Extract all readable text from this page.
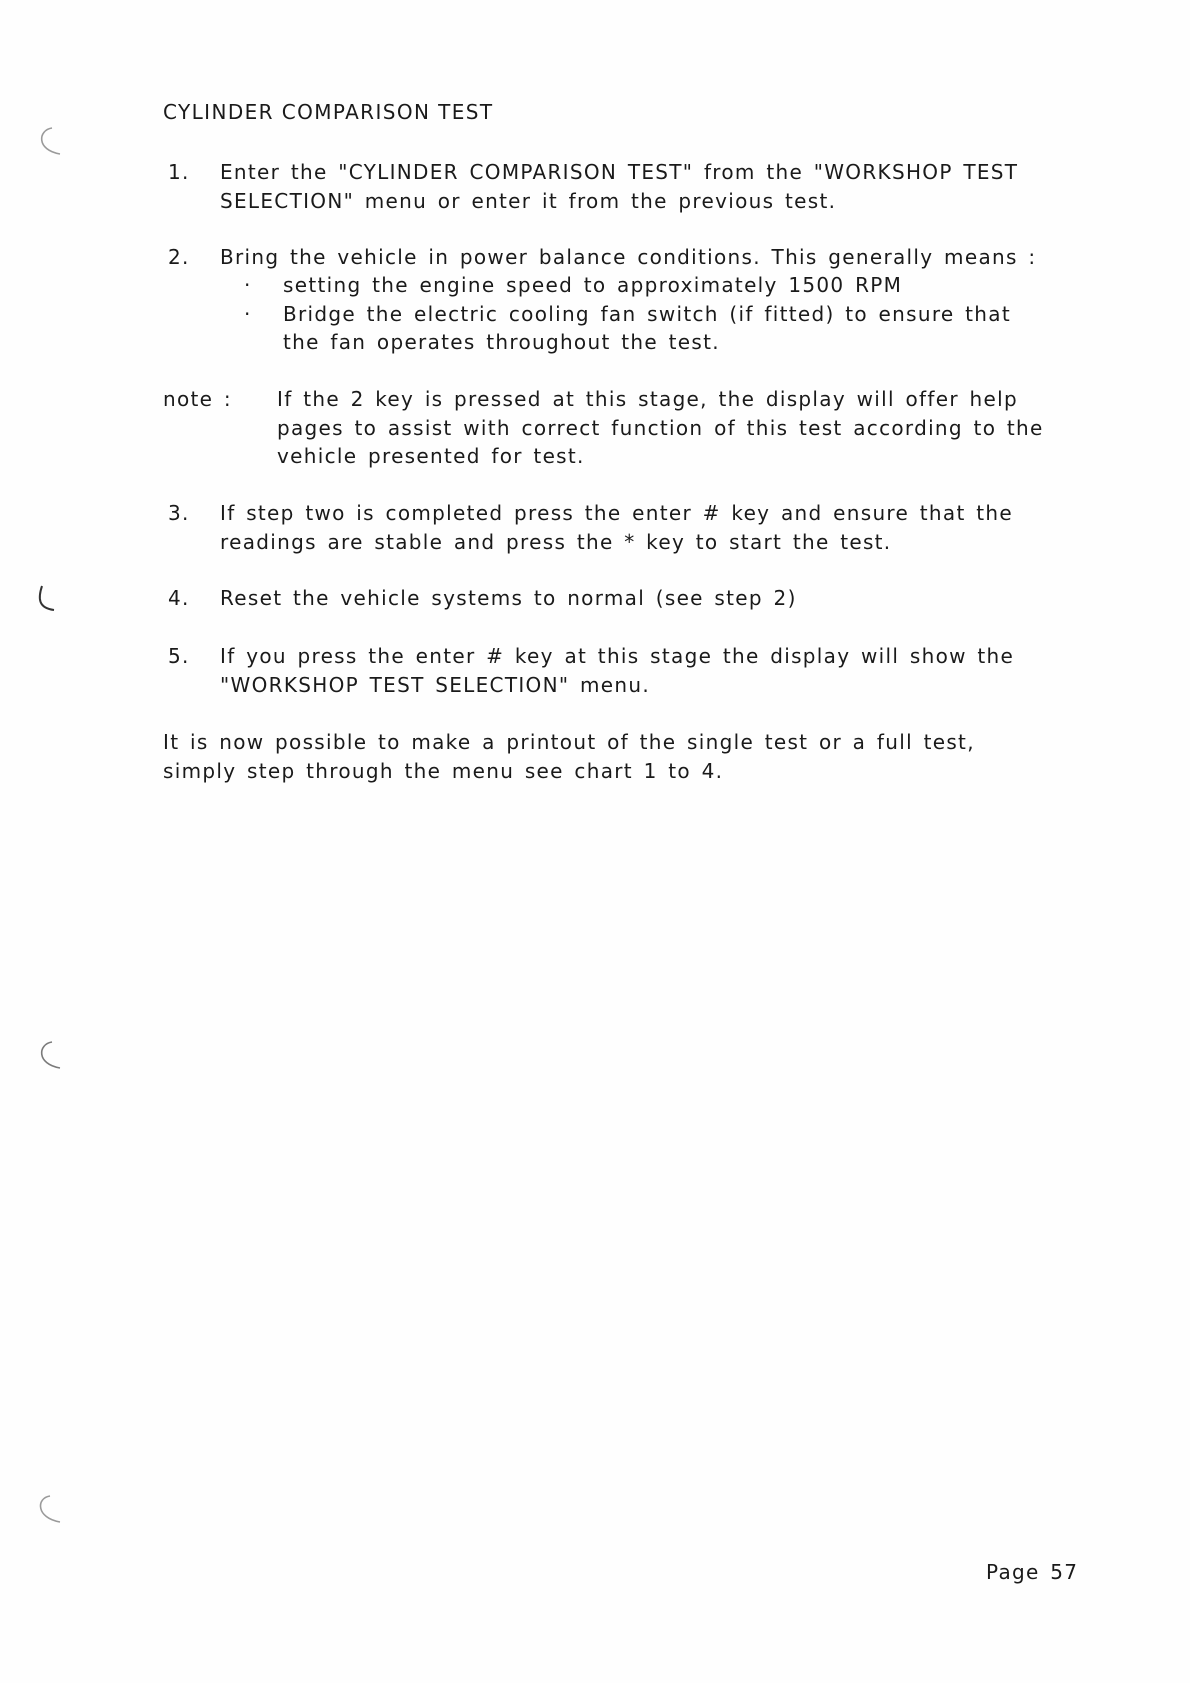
CYLINDER COMPARISON TEST
1.	Enter the "CYLINDER COMPARISON TEST" from the "WORKSHOP TEST
SELECTION" menu or enter it from the previous test.
2.	Bring the vehicle in power balance conditions. This generally means :
· setting the engine speed to approximately 1500 RPM
· Bridge the electric cooling fan switch (if fitted) to ensure that
the fan operates throughout the test.
note : If the 2 key is pressed at this stage, the display will offer help
pages to assist with correct function of this test according to the
vehicle presented for test.
3.	If step two is completed press the enter # key and ensure that the
readings are stable and press the * key to start the test.
4.	Reset the vehicle systems to normal (see step 2)
5.	If you press the enter # key at this stage the display will show the
"WORKSHOP TEST SELECTION" menu.
It is now possible to make a printout of the single test or a full test,
simply step through the menu see chart 1 to 4.
Page 57
